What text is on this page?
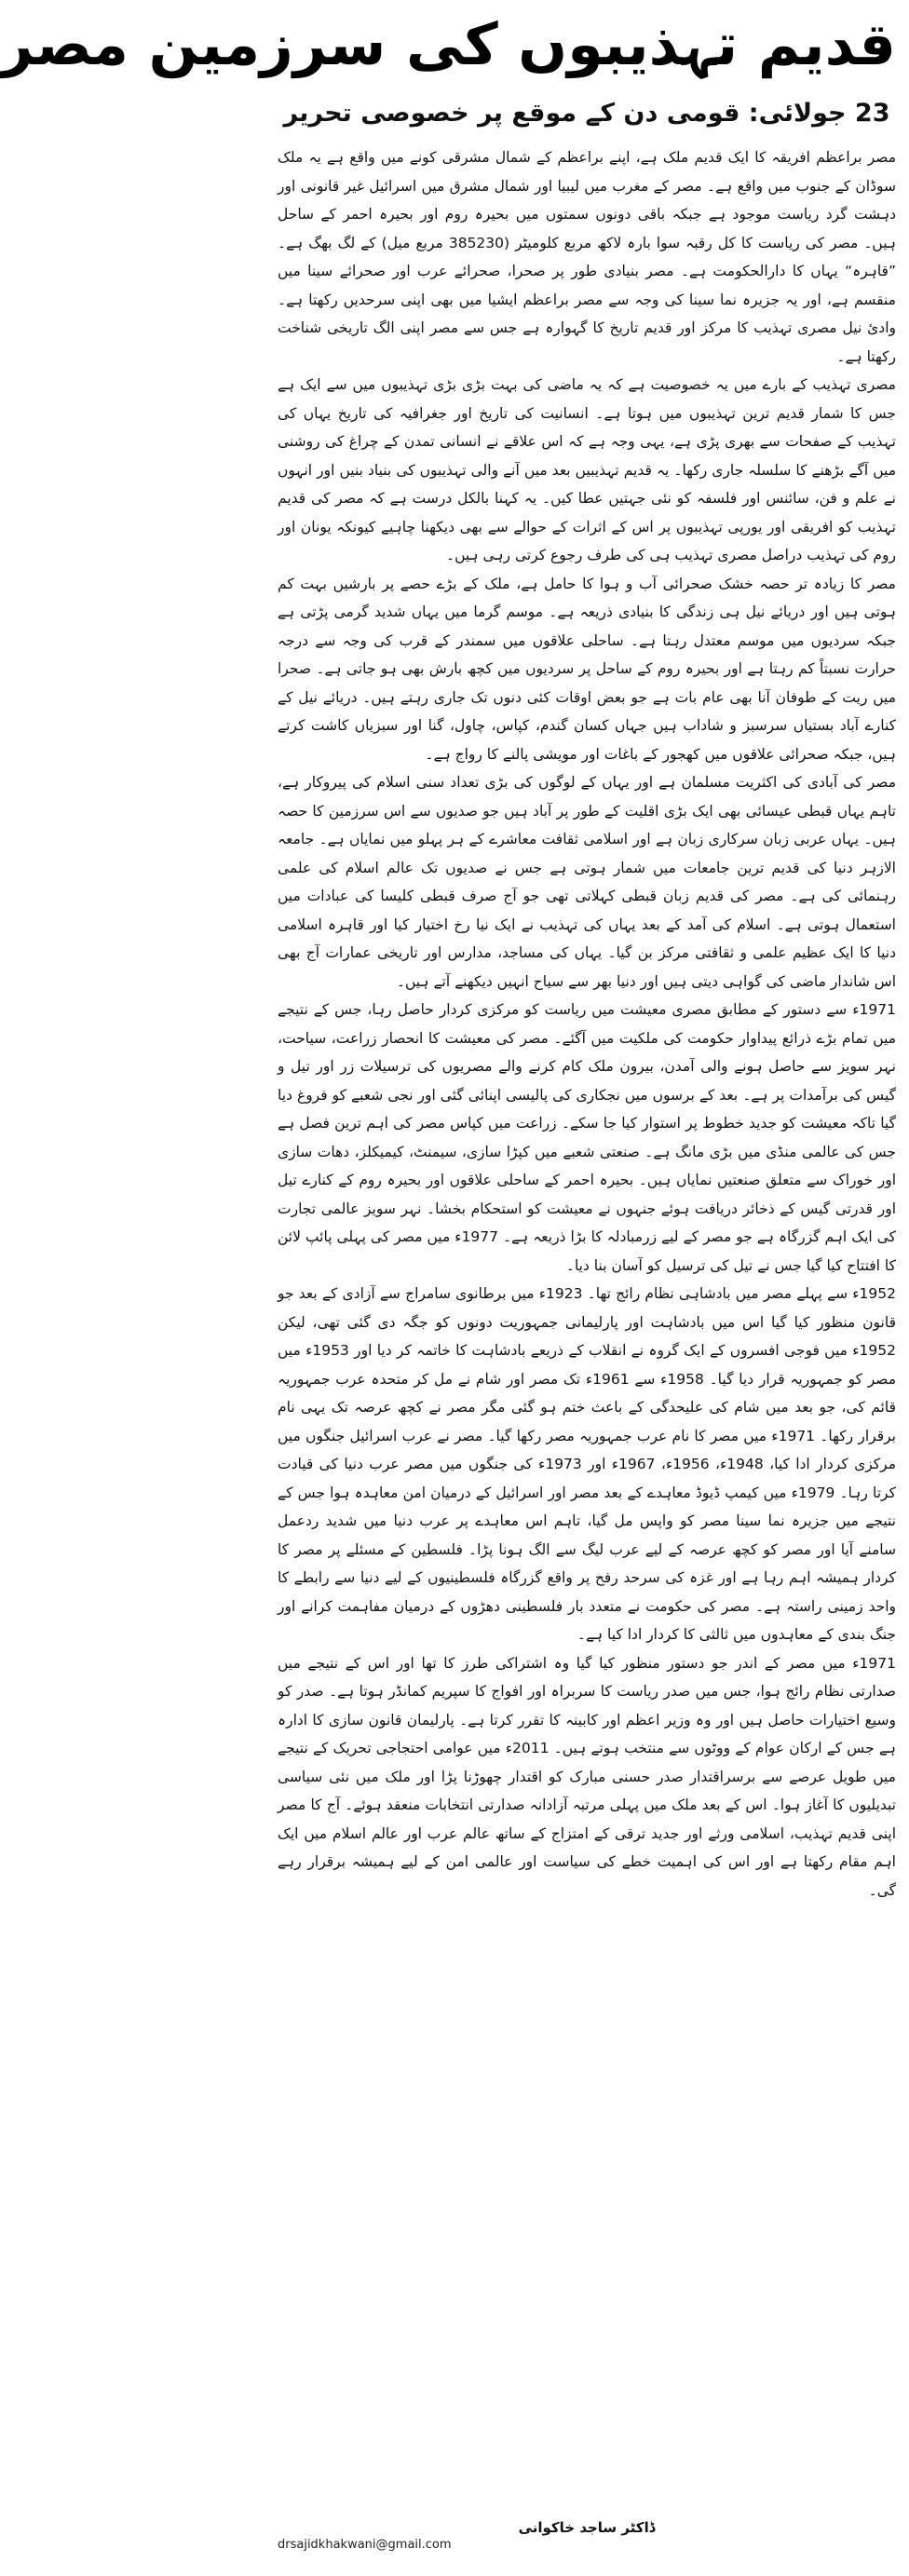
قدیم تہذیبوں کی سرزمین مصر
23 جولائی: قومی دن کے موقع پر خصوصی تحریر

مصر براعظم افریقہ کا ایک قدیم ملک ہے، اپنے براعظم کے شمال مشرقی کونے میں واقع ہے یہ ملک سوڈان کے جنوب میں واقع ہے۔ مصر کے مغرب میں لیبیا اور شمال مشرق میں اسرائیل غیر قانونی اور دہشت گرد ریاست موجود ہے جبکہ باقی دونوں سمتوں میں بحیرہ روم اور بحیرہ احمر کے ساحل ہیں۔ مصر کی ریاست کا کل رقبہ سوا بارہ لاکھ مربع کلومیٹر (385230 مربع میل) کے لگ بھگ ہے۔ ”قاہرہ“ یہاں کا دارالحکومت ہے۔ مصر بنیادی طور پر صحرا، صحرائے عرب اور صحرائے سینا میں منقسم ہے، اور یہ جزیرہ نما سینا کی وجہ سے مصر براعظم ایشیا میں بھی اپنی سرحدیں رکھتا ہے۔ وادیٔ نیل مصری تہذیب کا مرکز اور قدیم تاریخ کا گہوارہ ہے جس سے مصر اپنی الگ تاریخی شناخت رکھتا ہے۔

مصری تہذیب کے بارے میں یہ خصوصیت ہے کہ یہ ماضی کی بہت بڑی بڑی تہذیبوں میں سے ایک ہے جس کا شمار قدیم ترین تہذیبوں میں ہوتا ہے۔ انسانیت کی تاریخ اور جغرافیہ کی تاریخ یہاں کی تہذیب کے صفحات سے بھری پڑی ہے، یہی وجہ ہے کہ اس علاقے نے انسانی تمدن کے چراغ کی روشنی میں آگے بڑھنے کا سلسلہ جاری رکھا۔ یہ قدیم تہذیبیں بعد میں آنے والی تہذیبوں کی بنیاد بنیں اور انہوں نے علم و فن، سائنس اور فلسفہ کو نئی جہتیں عطا کیں۔ یہ کہنا بالکل درست ہے کہ مصر کی قدیم تہذیب کو افریقی اور یورپی تہذیبوں پر اس کے اثرات کے حوالے سے بھی دیکھنا چاہیے کیونکہ یونان اور روم کی تہذیب دراصل مصری تہذیب ہی کی طرف رجوع کرتی رہی ہیں۔

مصر کا زیادہ تر حصہ خشک صحرائی آب و ہوا کا حامل ہے، ملک کے بڑے حصے پر بارشیں بہت کم ہوتی ہیں اور دریائے نیل ہی زندگی کا بنیادی ذریعہ ہے۔ موسم گرما میں یہاں شدید گرمی پڑتی ہے جبکہ سردیوں میں موسم معتدل رہتا ہے۔ ساحلی علاقوں میں سمندر کے قرب کی وجہ سے درجہ حرارت نسبتاً کم رہتا ہے اور بحیرہ روم کے ساحل پر سردیوں میں کچھ بارش بھی ہو جاتی ہے۔ صحرا میں ریت کے طوفان آنا بھی عام بات ہے جو بعض اوقات کئی دنوں تک جاری رہتے ہیں۔ دریائے نیل کے کنارے آباد بستیاں سرسبز و شاداب ہیں جہاں کسان گندم، کپاس، چاول، گنا اور سبزیاں کاشت کرتے ہیں، جبکہ صحرائی علاقوں میں کھجور کے باغات اور مویشی پالنے کا رواج ہے۔

مصر کی آبادی کی اکثریت مسلمان ہے اور یہاں کے لوگوں کی بڑی تعداد سنی اسلام کی پیروکار ہے، تاہم یہاں قبطی عیسائی بھی ایک بڑی اقلیت کے طور پر آباد ہیں جو صدیوں سے اس سرزمین کا حصہ ہیں۔ یہاں عربی زبان سرکاری زبان ہے اور اسلامی ثقافت معاشرے کے ہر پہلو میں نمایاں ہے۔ جامعہ الازہر دنیا کی قدیم ترین جامعات میں شمار ہوتی ہے جس نے صدیوں تک عالم اسلام کی علمی رہنمائی کی ہے۔ مصر کی قدیم زبان قبطی کہلاتی تھی جو آج صرف قبطی کلیسا کی عبادات میں استعمال ہوتی ہے۔ اسلام کی آمد کے بعد یہاں کی تہذیب نے ایک نیا رخ اختیار کیا اور قاہرہ اسلامی دنیا کا ایک عظیم علمی و ثقافتی مرکز بن گیا۔ یہاں کی مساجد، مدارس اور تاریخی عمارات آج بھی اس شاندار ماضی کی گواہی دیتی ہیں اور دنیا بھر سے سیاح انہیں دیکھنے آتے ہیں۔

1971ء سے دستور کے مطابق مصری معیشت میں ریاست کو مرکزی کردار حاصل رہا، جس کے نتیجے میں تمام بڑے ذرائع پیداوار حکومت کی ملکیت میں آگئے۔ مصر کی معیشت کا انحصار زراعت، سیاحت، نہر سویز سے حاصل ہونے والی آمدن، بیرون ملک کام کرنے والے مصریوں کی ترسیلات زر اور تیل و گیس کی برآمدات پر ہے۔ بعد کے برسوں میں نجکاری کی پالیسی اپنائی گئی اور نجی شعبے کو فروغ دیا گیا تاکہ معیشت کو جدید خطوط پر استوار کیا جا سکے۔ زراعت میں کپاس مصر کی اہم ترین فصل ہے جس کی عالمی منڈی میں بڑی مانگ ہے۔ صنعتی شعبے میں کپڑا سازی، سیمنٹ، کیمیکلز، دھات سازی اور خوراک سے متعلق صنعتیں نمایاں ہیں۔ بحیرہ احمر کے ساحلی علاقوں اور بحیرہ روم کے کنارے تیل اور قدرتی گیس کے ذخائر دریافت ہوئے جنہوں نے معیشت کو استحکام بخشا۔ نہر سویز عالمی تجارت کی ایک اہم گزرگاہ ہے جو مصر کے لیے زرمبادلہ کا بڑا ذریعہ ہے۔ 1977ء میں مصر کی پہلی پائپ لائن کا افتتاح کیا گیا جس نے تیل کی ترسیل کو آسان بنا دیا۔

1952ء سے پہلے مصر میں بادشاہی نظام رائج تھا۔ 1923ء میں برطانوی سامراج سے آزادی کے بعد جو قانون منظور کیا گیا اس میں بادشاہت اور پارلیمانی جمہوریت دونوں کو جگہ دی گئی تھی، لیکن 1952ء میں فوجی افسروں کے ایک گروہ نے انقلاب کے ذریعے بادشاہت کا خاتمہ کر دیا اور 1953ء میں مصر کو جمہوریہ قرار دیا گیا۔ 1958ء سے 1961ء تک مصر اور شام نے مل کر متحدہ عرب جمہوریہ قائم کی، جو بعد میں شام کی علیحدگی کے باعث ختم ہو گئی مگر مصر نے کچھ عرصہ تک یہی نام برقرار رکھا۔ 1971ء میں مصر کا نام عرب جمہوریہ مصر رکھا گیا۔ مصر نے عرب اسرائیل جنگوں میں مرکزی کردار ادا کیا، 1948ء، 1956ء، 1967ء اور 1973ء کی جنگوں میں مصر عرب دنیا کی قیادت کرتا رہا۔ 1979ء میں کیمپ ڈیوڈ معاہدے کے بعد مصر اور اسرائیل کے درمیان امن معاہدہ ہوا جس کے نتیجے میں جزیرہ نما سینا مصر کو واپس مل گیا، تاہم اس معاہدے پر عرب دنیا میں شدید ردعمل سامنے آیا اور مصر کو کچھ عرصہ کے لیے عرب لیگ سے الگ ہونا پڑا۔ فلسطین کے مسئلے پر مصر کا کردار ہمیشہ اہم رہا ہے اور غزہ کی سرحد رفح پر واقع گزرگاہ فلسطینیوں کے لیے دنیا سے رابطے کا واحد زمینی راستہ ہے۔ مصر کی حکومت نے متعدد بار فلسطینی دھڑوں کے درمیان مفاہمت کرانے اور جنگ بندی کے معاہدوں میں ثالثی کا کردار ادا کیا ہے۔

1971ء میں مصر کے اندر جو دستور منظور کیا گیا وہ اشتراکی طرز کا تھا اور اس کے نتیجے میں صدارتی نظام رائج ہوا، جس میں صدر ریاست کا سربراہ اور افواج کا سپریم کمانڈر ہوتا ہے۔ صدر کو وسیع اختیارات حاصل ہیں اور وہ وزیر اعظم اور کابینہ کا تقرر کرتا ہے۔ پارلیمان قانون سازی کا ادارہ ہے جس کے ارکان عوام کے ووٹوں سے منتخب ہوتے ہیں۔ 2011ء میں عوامی احتجاجی تحریک کے نتیجے میں طویل عرصے سے برسراقتدار صدر حسنی مبارک کو اقتدار چھوڑنا پڑا اور ملک میں نئی سیاسی تبدیلیوں کا آغاز ہوا۔ اس کے بعد ملک میں پہلی مرتبہ آزادانہ صدارتی انتخابات منعقد ہوئے۔ آج کا مصر اپنی قدیم تہذیب، اسلامی ورثے اور جدید ترقی کے امتزاج کے ساتھ عالم عرب اور عالم اسلام میں ایک اہم مقام رکھتا ہے اور اس کی اہمیت خطے کی سیاست اور عالمی امن کے لیے ہمیشہ برقرار رہے گی۔

ڈاکٹر ساجد خاکوانی
drsajidkhakwani@gmail.com
